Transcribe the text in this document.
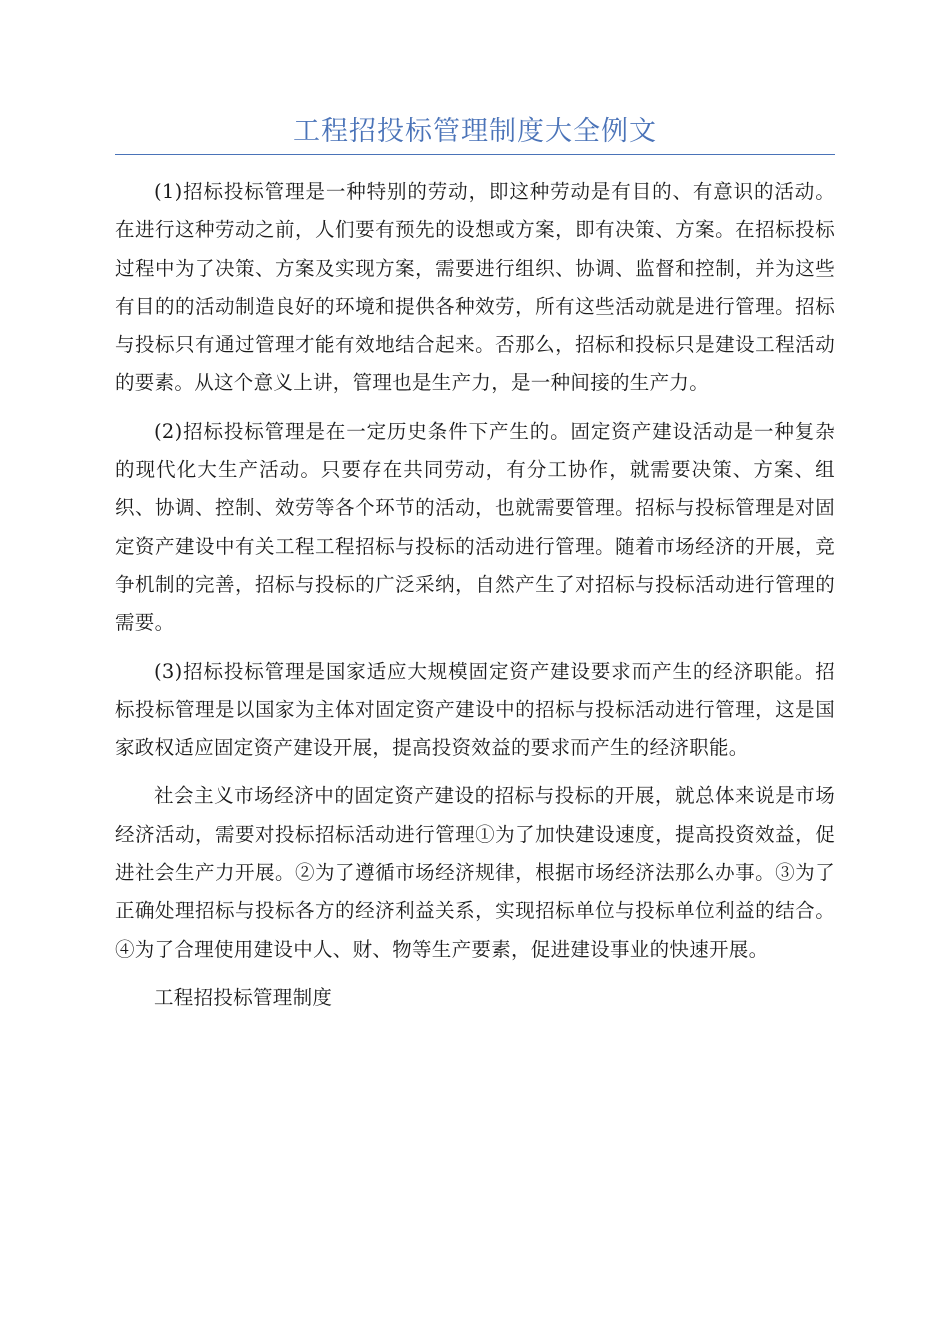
工程招投标管理制度大全例文

(1)招标投标管理是一种特别的劳动，即这种劳动是有目的、有意识的活动。在进行这种劳动之前，人们要有预先的设想或方案，即有决策、方案。在招标投标过程中为了决策、方案及实现方案，需要进行组织、协调、监督和控制，并为这些有目的的活动制造良好的环境和提供各种效劳，所有这些活动就是进行管理。招标与投标只有通过管理才能有效地结合起来。否那么，招标和投标只是建设工程活动的要素。从这个意义上讲，管理也是生产力，是一种间接的生产力。

(2)招标投标管理是在一定历史条件下产生的。固定资产建设活动是一种复杂的现代化大生产活动。只要存在共同劳动，有分工协作，就需要决策、方案、组织、协调、控制、效劳等各个环节的活动，也就需要管理。招标与投标管理是对固定资产建设中有关工程工程招标与投标的活动进行管理。随着市场经济的开展，竞争机制的完善，招标与投标的广泛采纳，自然产生了对招标与投标活动进行管理的需要。

(3)招标投标管理是国家适应大规模固定资产建设要求而产生的经济职能。招标投标管理是以国家为主体对固定资产建设中的招标与投标活动进行管理，这是国家政权适应固定资产建设开展，提高投资效益的要求而产生的经济职能。

社会主义市场经济中的固定资产建设的招标与投标的开展，就总体来说是市场经济活动，需要对投标招标活动进行管理①为了加快建设速度，提高投资效益，促进社会生产力开展。②为了遵循市场经济规律，根据市场经济法那么办事。③为了正确处理招标与投标各方的经济利益关系，实现招标单位与投标单位利益的结合。④为了合理使用建设中人、财、物等生产要素，促进建设事业的快速开展。

工程招投标管理制度
